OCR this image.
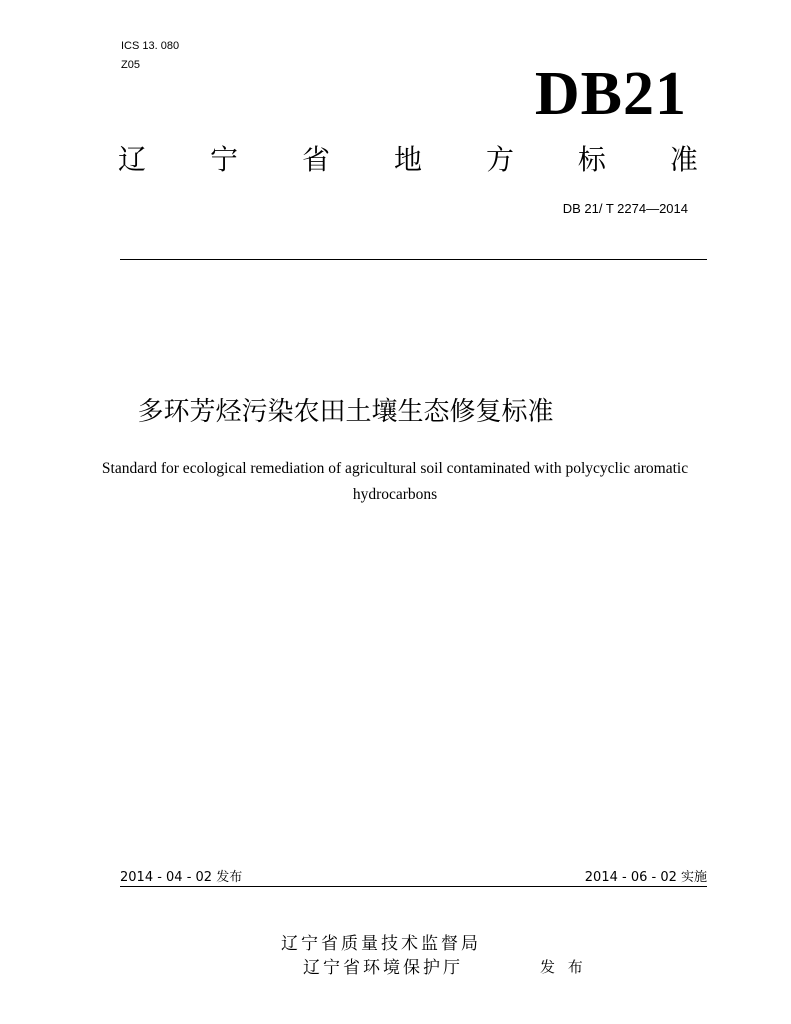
ICS 13. 080
Z05	DB21
辽 宁 省 地 方 标 准
DB 21/ T 2274—2014
多环芳烃污染农田土壤生态修复标准
Standard for ecological remediation of agricultural soil contaminated with polycyclic aromatic hydrocarbons
2014 - 04 - 02 发布	2014 - 06 - 02 实施
辽宁省质量技术监督局
辽宁省环境保护厅	发 布
